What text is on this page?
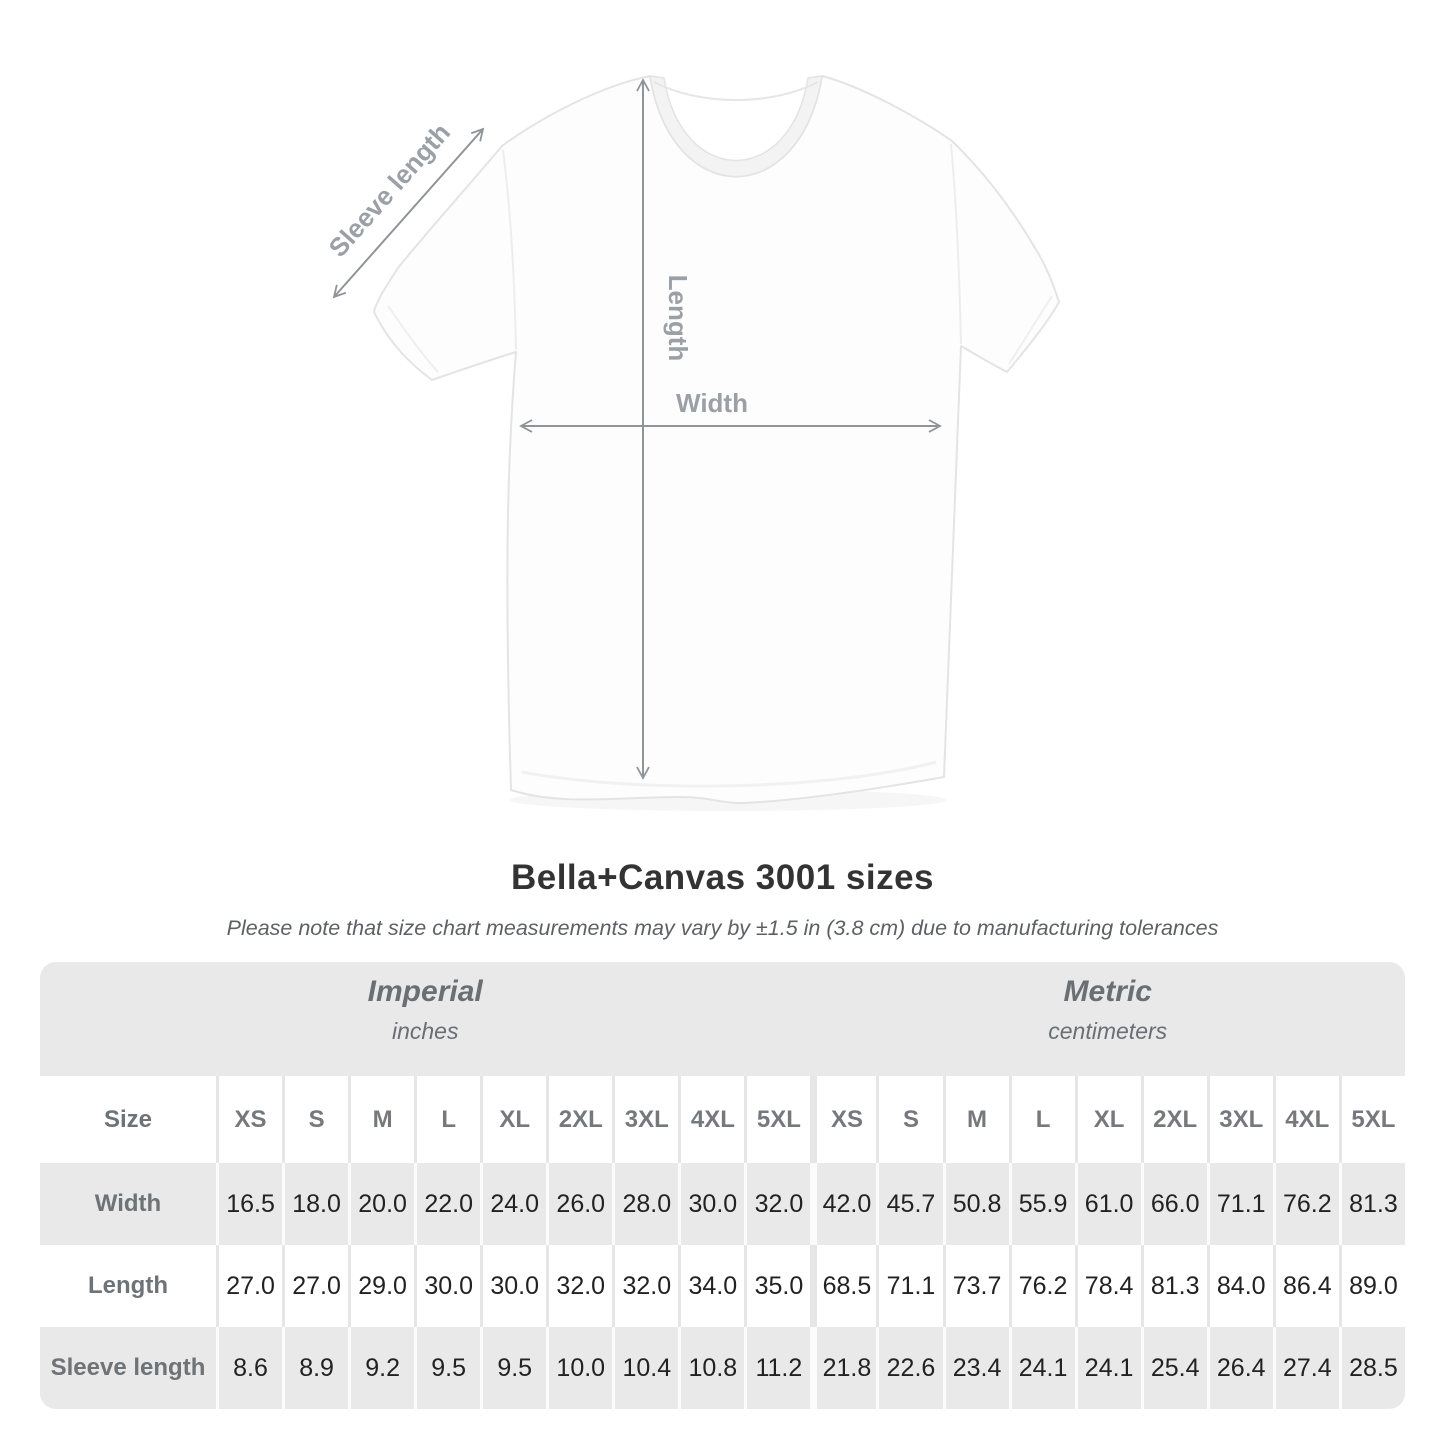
Sleeve length
Length
Width
Bella+Canvas 3001 sizes
Please note that size chart measurements may vary by ±1.5 in (3.8 cm) due to manufacturing tolerances
Imperial
inches

Metric
centimeters

Size	XS	S	M	L	XL	2XL	3XL	4XL	5XL	XS	S	M	L	XL	2XL	3XL	4XL	5XL
Width	16.5	18.0	20.0	22.0	24.0	26.0	28.0	30.0	32.0	42.0	45.7	50.8	55.9	61.0	66.0	71.1	76.2	81.3
Length	27.0	27.0	29.0	30.0	30.0	32.0	32.0	34.0	35.0	68.5	71.1	73.7	76.2	78.4	81.3	84.0	86.4	89.0
Sleeve length	8.6	8.9	9.2	9.5	9.5	10.0	10.4	10.8	11.2	21.8	22.6	23.4	24.1	24.1	25.4	26.4	27.4	28.5
